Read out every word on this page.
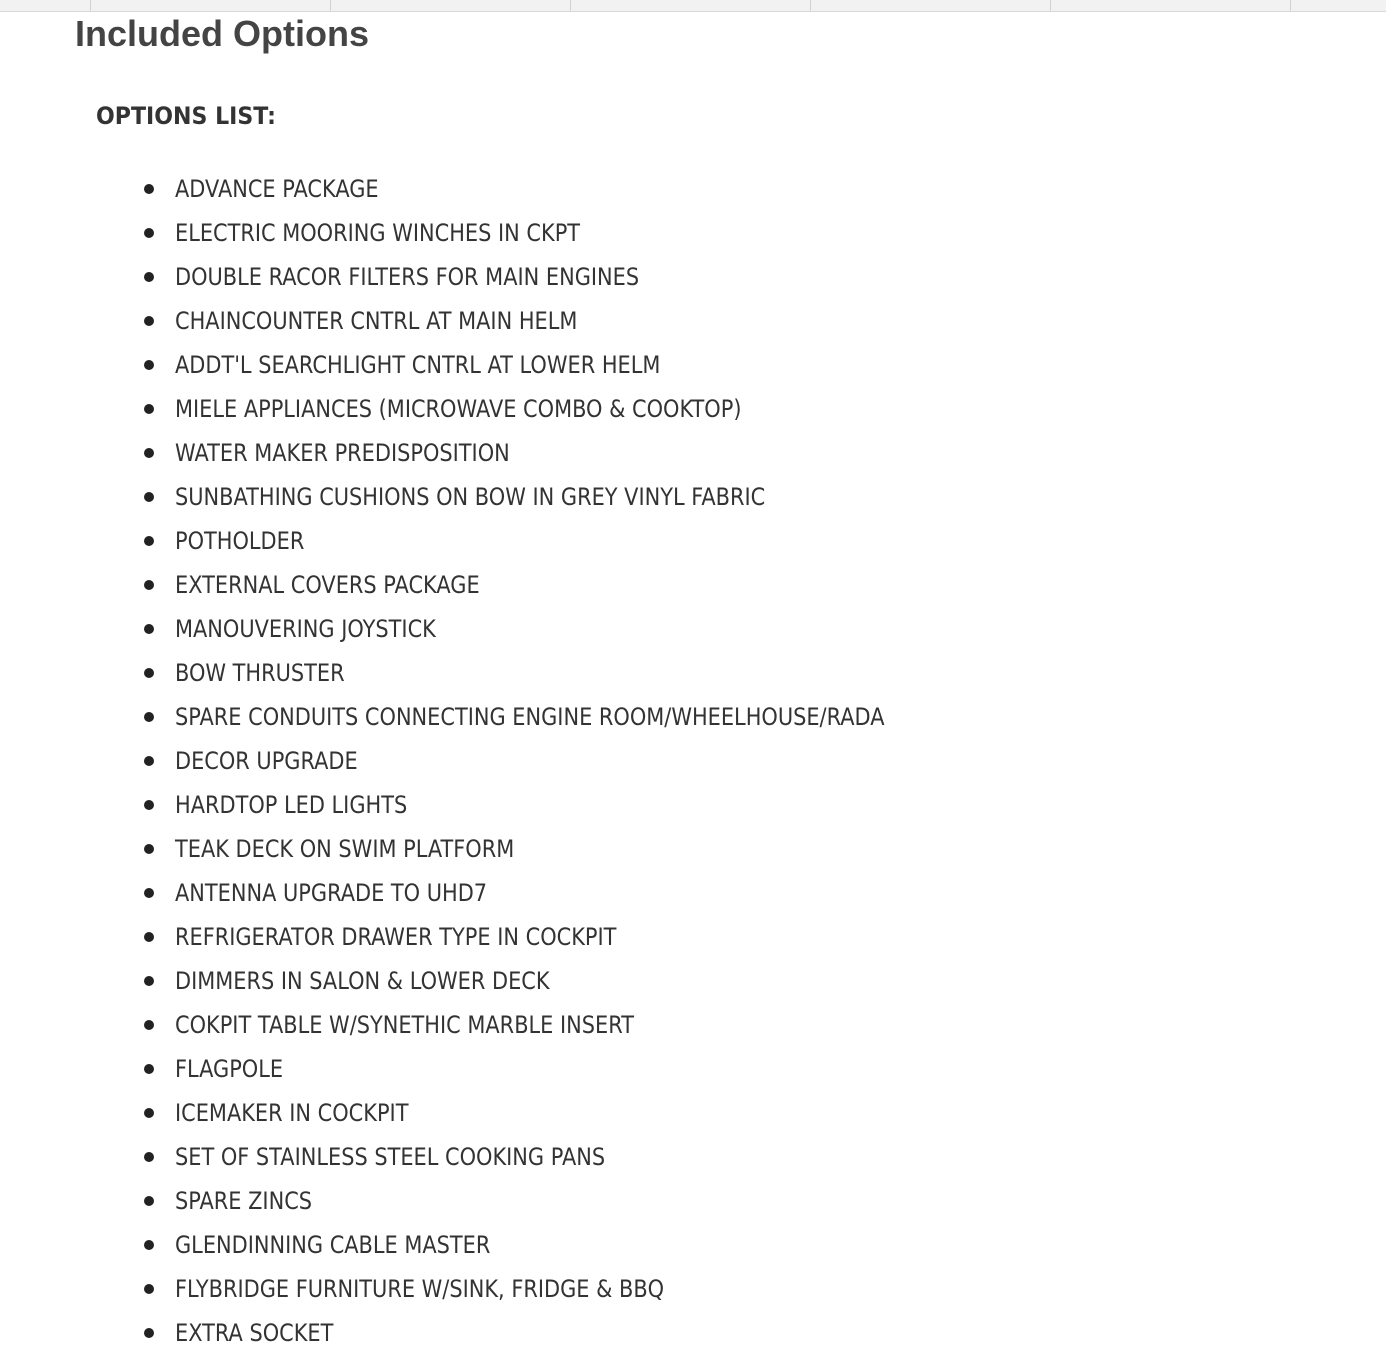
Included Options
OPTIONS LIST:
ADVANCE PACKAGE
ELECTRIC MOORING WINCHES IN CKPT
DOUBLE RACOR FILTERS FOR MAIN ENGINES
CHAINCOUNTER CNTRL AT MAIN HELM
ADDT'L SEARCHLIGHT CNTRL AT LOWER HELM
MIELE APPLIANCES (MICROWAVE COMBO & COOKTOP)
WATER MAKER PREDISPOSITION
SUNBATHING CUSHIONS ON BOW IN GREY VINYL FABRIC
POTHOLDER
EXTERNAL COVERS PACKAGE
MANOUVERING JOYSTICK
BOW THRUSTER
SPARE CONDUITS CONNECTING ENGINE ROOM/WHEELHOUSE/RADA
DECOR UPGRADE
HARDTOP LED LIGHTS
TEAK DECK ON SWIM PLATFORM
ANTENNA UPGRADE TO UHD7
REFRIGERATOR DRAWER TYPE IN COCKPIT
DIMMERS IN SALON & LOWER DECK
COKPIT TABLE W/SYNETHIC MARBLE INSERT
FLAGPOLE
ICEMAKER IN COCKPIT
SET OF STAINLESS STEEL COOKING PANS
SPARE ZINCS
GLENDINNING CABLE MASTER
FLYBRIDGE FURNITURE W/SINK, FRIDGE & BBQ
EXTRA SOCKET
